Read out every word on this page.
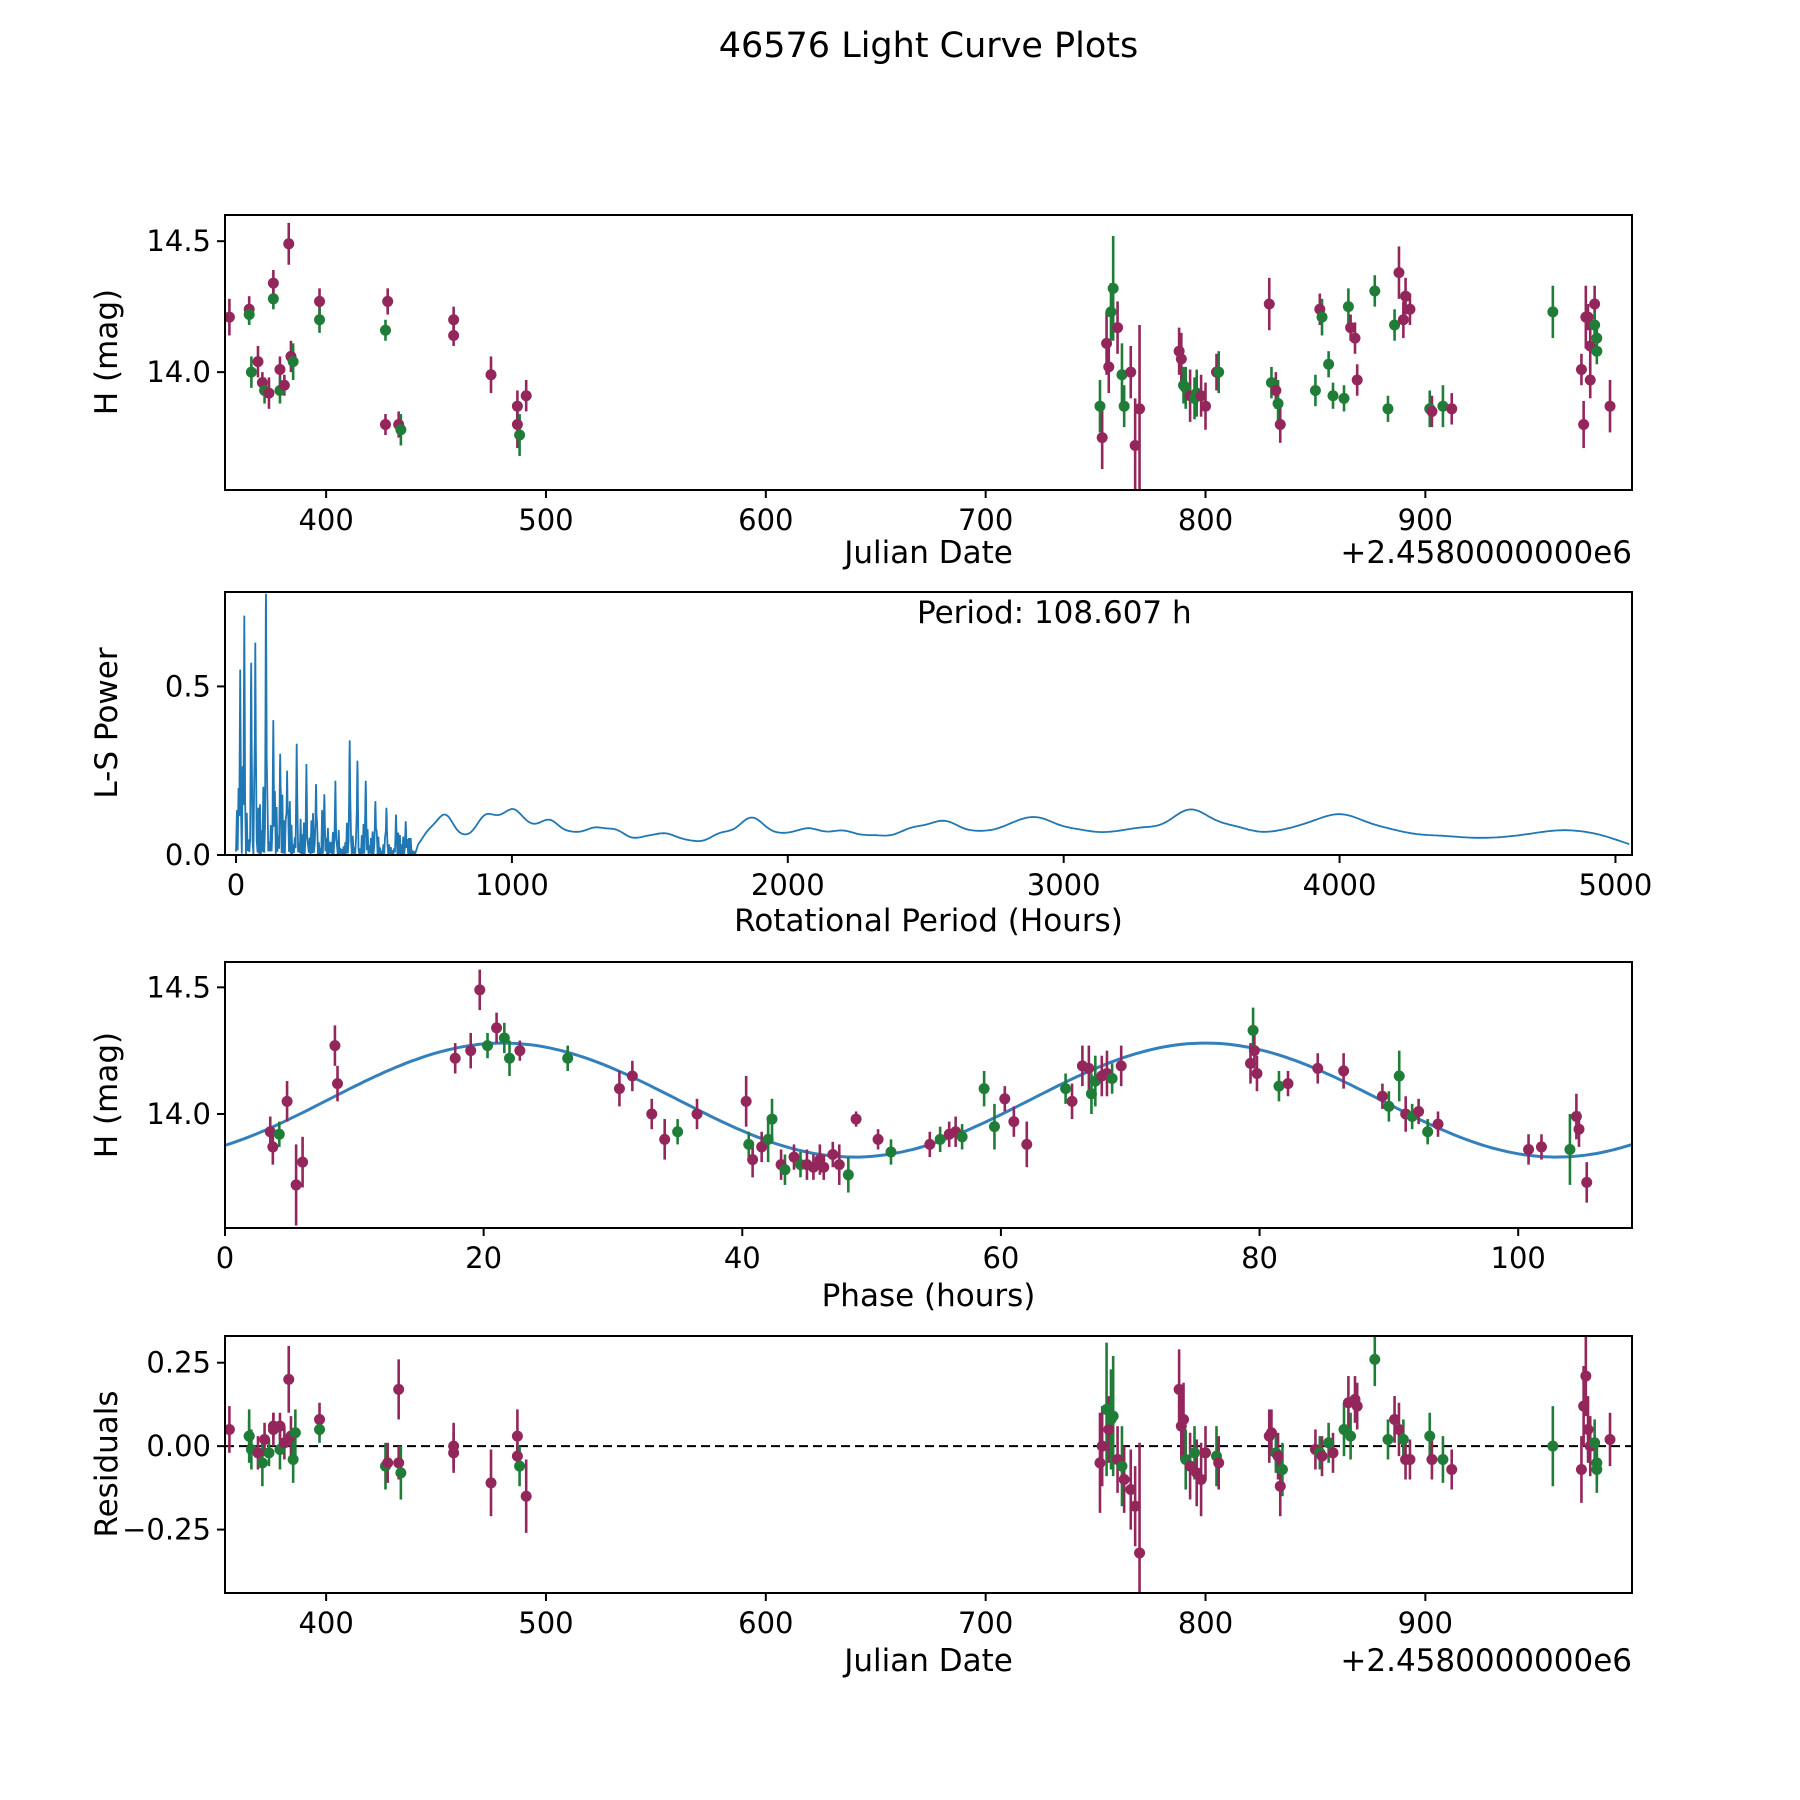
400	500	600	700	800	900
14.0
14.5
0	1000	2000	3000	4000	5000
0.0
0.5
0	20	40	60	80	100
14.0
14.5
400	500	600	700	800	900
−0.25
0.00
0.25
46576 Light Curve Plots
H (mag)
Julian Date	+2.4580000000e6
L-S Power
Rotational Period (Hours)
Period: 108.607 h
H (mag)
Phase (hours)
Residuals
Julian Date	+2.4580000000e6
